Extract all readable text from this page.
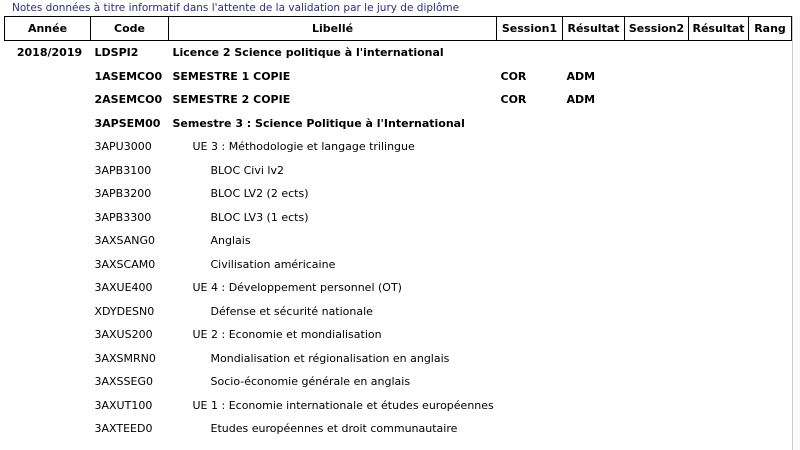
Notes données à titre informatif dans l'attente de la validation par le jury de diplôme
Année	Code	Libellé	Session1	Résultat	Session2	Résultat	Rang
2018/2019	LDSPI2	Licence 2 Science politique à l'international					
	1ASEMCO0	SEMESTRE 1 COPIE	COR	ADM			
	2ASEMCO0	SEMESTRE 2 COPIE	COR	ADM			
	3APSEM00	Semestre 3 : Science Politique à l'International					
	3APU3000	UE 3 : Méthodologie et langage trilingue					
	3APB3100	BLOC Civi lv2					
	3APB3200	BLOC LV2 (2 ects)					
	3APB3300	BLOC LV3 (1 ects)					
	3AXSANG0	Anglais					
	3AXSCAM0	Civilisation américaine					
	3AXUE400	UE 4 : Développement personnel (OT)					
	XDYDESN0	Défense et sécurité nationale					
	3AXUS200	UE 2 : Economie et mondialisation					
	3AXSMRN0	Mondialisation et régionalisation en anglais					
	3AXSSEG0	Socio-économie générale en anglais					
	3AXUT100	UE 1 : Economie internationale et études européennes					
	3AXTEED0	Etudes européennes et droit communautaire					
